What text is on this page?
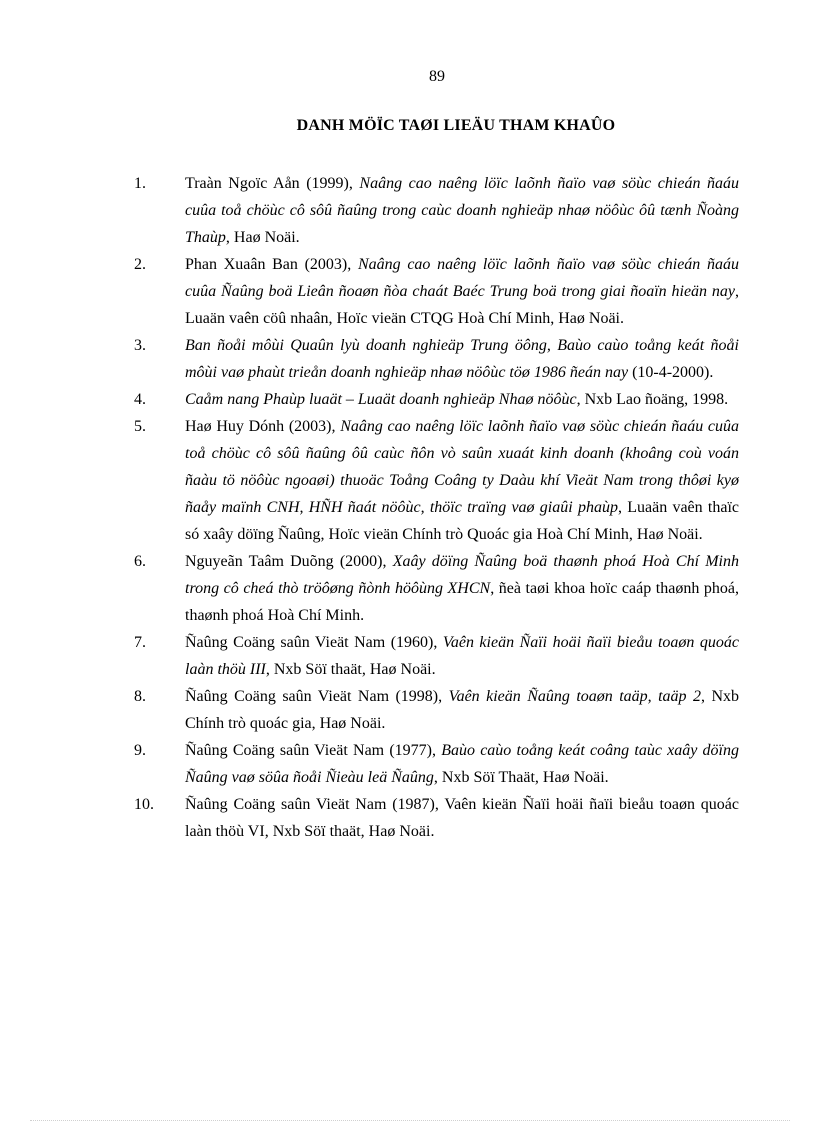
89
DANH MÖÏC TAØI LIEÄU THAM KHAÛO
1. Traàn Ngoïc Aån (1999), Naâng cao naêng löïc laõnh ñaïo vaø söùc chieán ñaáu cuûa toå chöùc cô sôû ñaûng trong caùc doanh nghieäp nhaø nöôùc ôû tænh Ñoàng Thaùp, Haø Noäi.
2. Phan Xuaân Ban (2003), Naâng cao naêng löïc laõnh ñaïo vaø söùc chieán ñaáu cuûa Ñaûng boä Lieân ñoaøn ñòa chaát Baéc Trung boä trong giai ñoaïn hieän nay, Luaän vaên cöû nhaân, Hoïc vieän CTQG Hoà Chí Minh, Haø Noäi.
3. Ban ñoåi môùi Quaûn lyù doanh nghieäp Trung öông, Baùo caùo toång keát ñoåi môùi vaø phaùt trieån doanh nghieäp nhaø nöôùc töø 1986 ñeán nay (10-4-2000).
4. Caåm nang Phaùp luaät – Luaät doanh nghieäp Nhaø nöôùc, Nxb Lao ñoäng, 1998.
5. Haø Huy Dónh (2003), Naâng cao naêng löïc laõnh ñaïo vaø söùc chieán ñaáu cuûa toå chöùc cô sôû ñaûng ôû caùc ñôn vò saûn xuaát kinh doanh (khoâng coù voán ñaàu tö nöôùc ngoaøi) thuoäc Toång Coâng ty Daàu khí Vieät Nam trong thôøi kyø ñaåy maïnh CNH, HÑH ñaát nöôùc, thöïc traïng vaø giaûi phaùp, Luaän vaên thaïc só xaây döïng Ñaûng, Hoïc vieän Chính trò Quoác gia Hoà Chí Minh, Haø Noäi.
6. Nguyeãn Taâm Duõng (2000), Xaây döïng Ñaûng boä thaønh phoá Hoà Chí Minh trong cô cheá thò tröôøng ñònh höôùng XHCN, ñeà taøi khoa hoïc caáp thaønh phoá, thaønh phoá Hoà Chí Minh.
7. Ñaûng Coäng saûn Vieät Nam (1960), Vaên kieän Ñaïi hoäi ñaïi bieåu toaøn quoác laàn thöù III, Nxb Söï thaät, Haø Noäi.
8. Ñaûng Coäng saûn Vieät Nam (1998), Vaên kieän Ñaûng toaøn taäp, taäp 2, Nxb Chính trò quoác gia, Haø Noäi.
9. Ñaûng Coäng saûn Vieät Nam (1977), Baùo caùo toång keát coâng taùc xaây döïng Ñaûng vaø söûa ñoåi Ñieàu leä Ñaûng, Nxb Söï Thaät, Haø Noäi.
10. Ñaûng Coäng saûn Vieät Nam (1987), Vaên kieän Ñaïi hoäi ñaïi bieåu toaøn quoác laàn thöù VI, Nxb Söï thaät, Haø Noäi.
